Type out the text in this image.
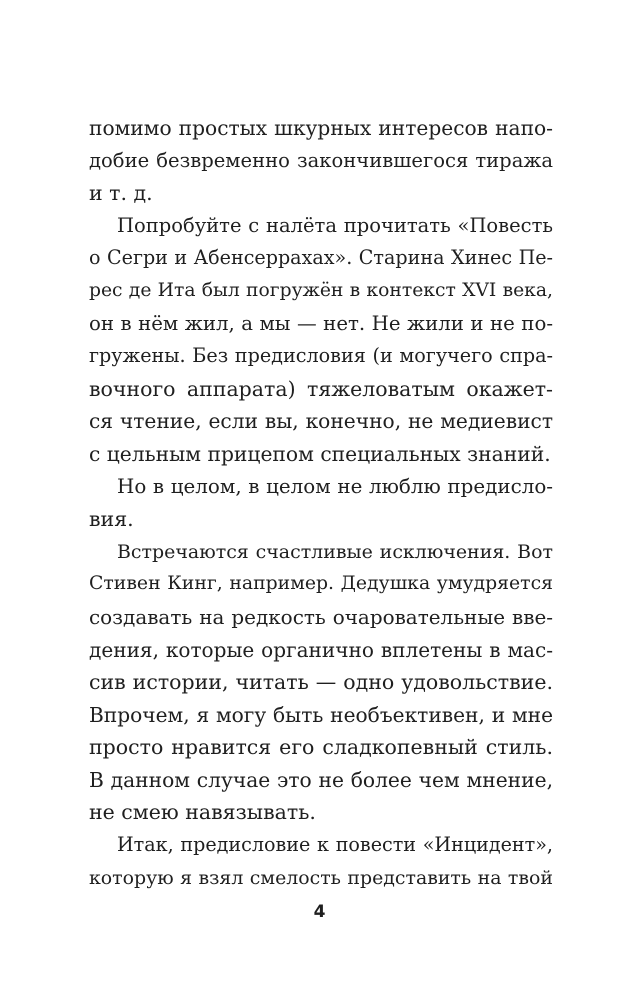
помимо простых шкурных интересов напо-
добие безвременно закончившегося тиража
и т. д.
Попробуйте с налёта прочитать «Повесть
о Сегри и Абенсеррахах». Старина Хинес Пе-
рес де Ита был погружён в контекст XVI века,
он в нём жил, а мы — нет. Не жили и не по-
гружены. Без предисловия (и могучего спра-
вочного аппарата) тяжеловатым окажет-
ся чтение, если вы, конечно, не медиевист
с цельным прицепом специальных знаний.
Но в целом, в целом не люблю предисло-
вия.
Встречаются счастливые исключения. Вот
Стивен Кинг, например. Дедушка умудряется
создавать на редкость очаровательные вве-
дения, которые органично вплетены в мас-
сив истории, читать — одно удовольствие.
Впрочем, я могу быть необъективен, и мне
просто нравится его сладкопевный стиль.
В данном случае это не более чем мнение,
не смею навязывать.
Итак, предисловие к повести «Инцидент»,
которую я взял смелость представить на твой
4
